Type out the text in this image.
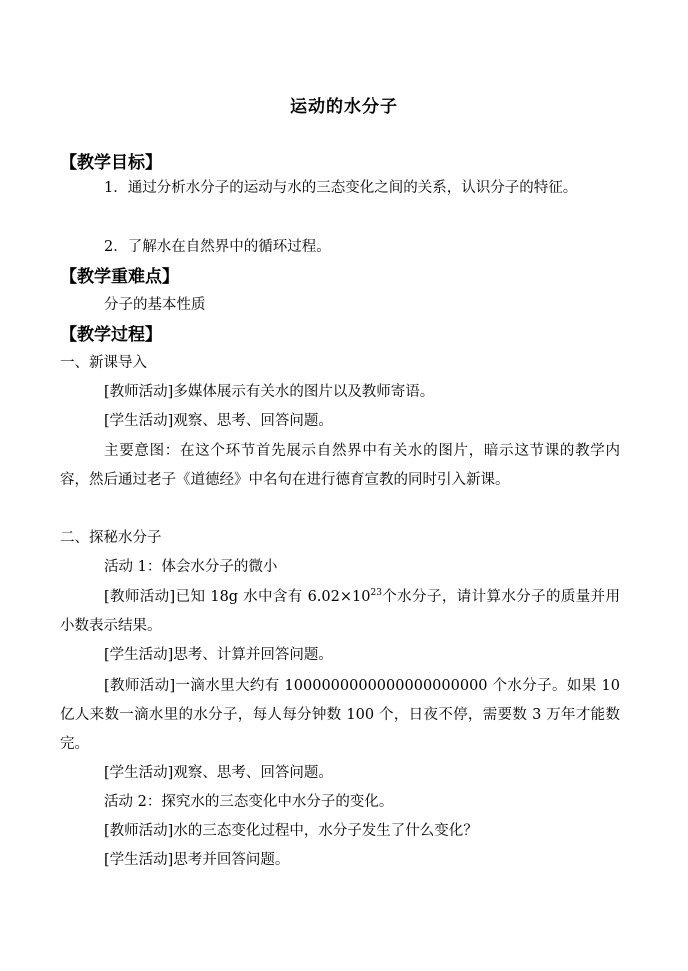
运动的水分子
【教学目标】
1．通过分析水分子的运动与水的三态变化之间的关系，认识分子的特征。
2．了解水在自然界中的循环过程。
【教学重难点】
分子的基本性质
【教学过程】
一、新课导入
[教师活动]多媒体展示有关水的图片以及教师寄语。
[学生活动]观察、思考、回答问题。
主要意图：在这个环节首先展示自然界中有关水的图片，暗示这节课的教学内容，然后通过老子《道德经》中名句在进行德育宣教的同时引入新课。
二、探秘水分子
活动 1：体会水分子的微小
[教师活动]已知 18g 水中含有 $6.02\times 10^{23}$个水分子，请计算水分子的质量并用小数表示结果。
[学生活动]思考、计算并回答问题。
[教师活动]一滴水里大约有 1000000000000000000000 个水分子。如果 10 亿人来数一滴水里的水分子，每人每分钟数 100 个，日夜不停，需要数 3 万年才能数完。
[学生活动]观察、思考、回答问题。
活动 2：探究水的三态变化中水分子的变化。
[教师活动]水的三态变化过程中，水分子发生了什么变化？
[学生活动]思考并回答问题。
